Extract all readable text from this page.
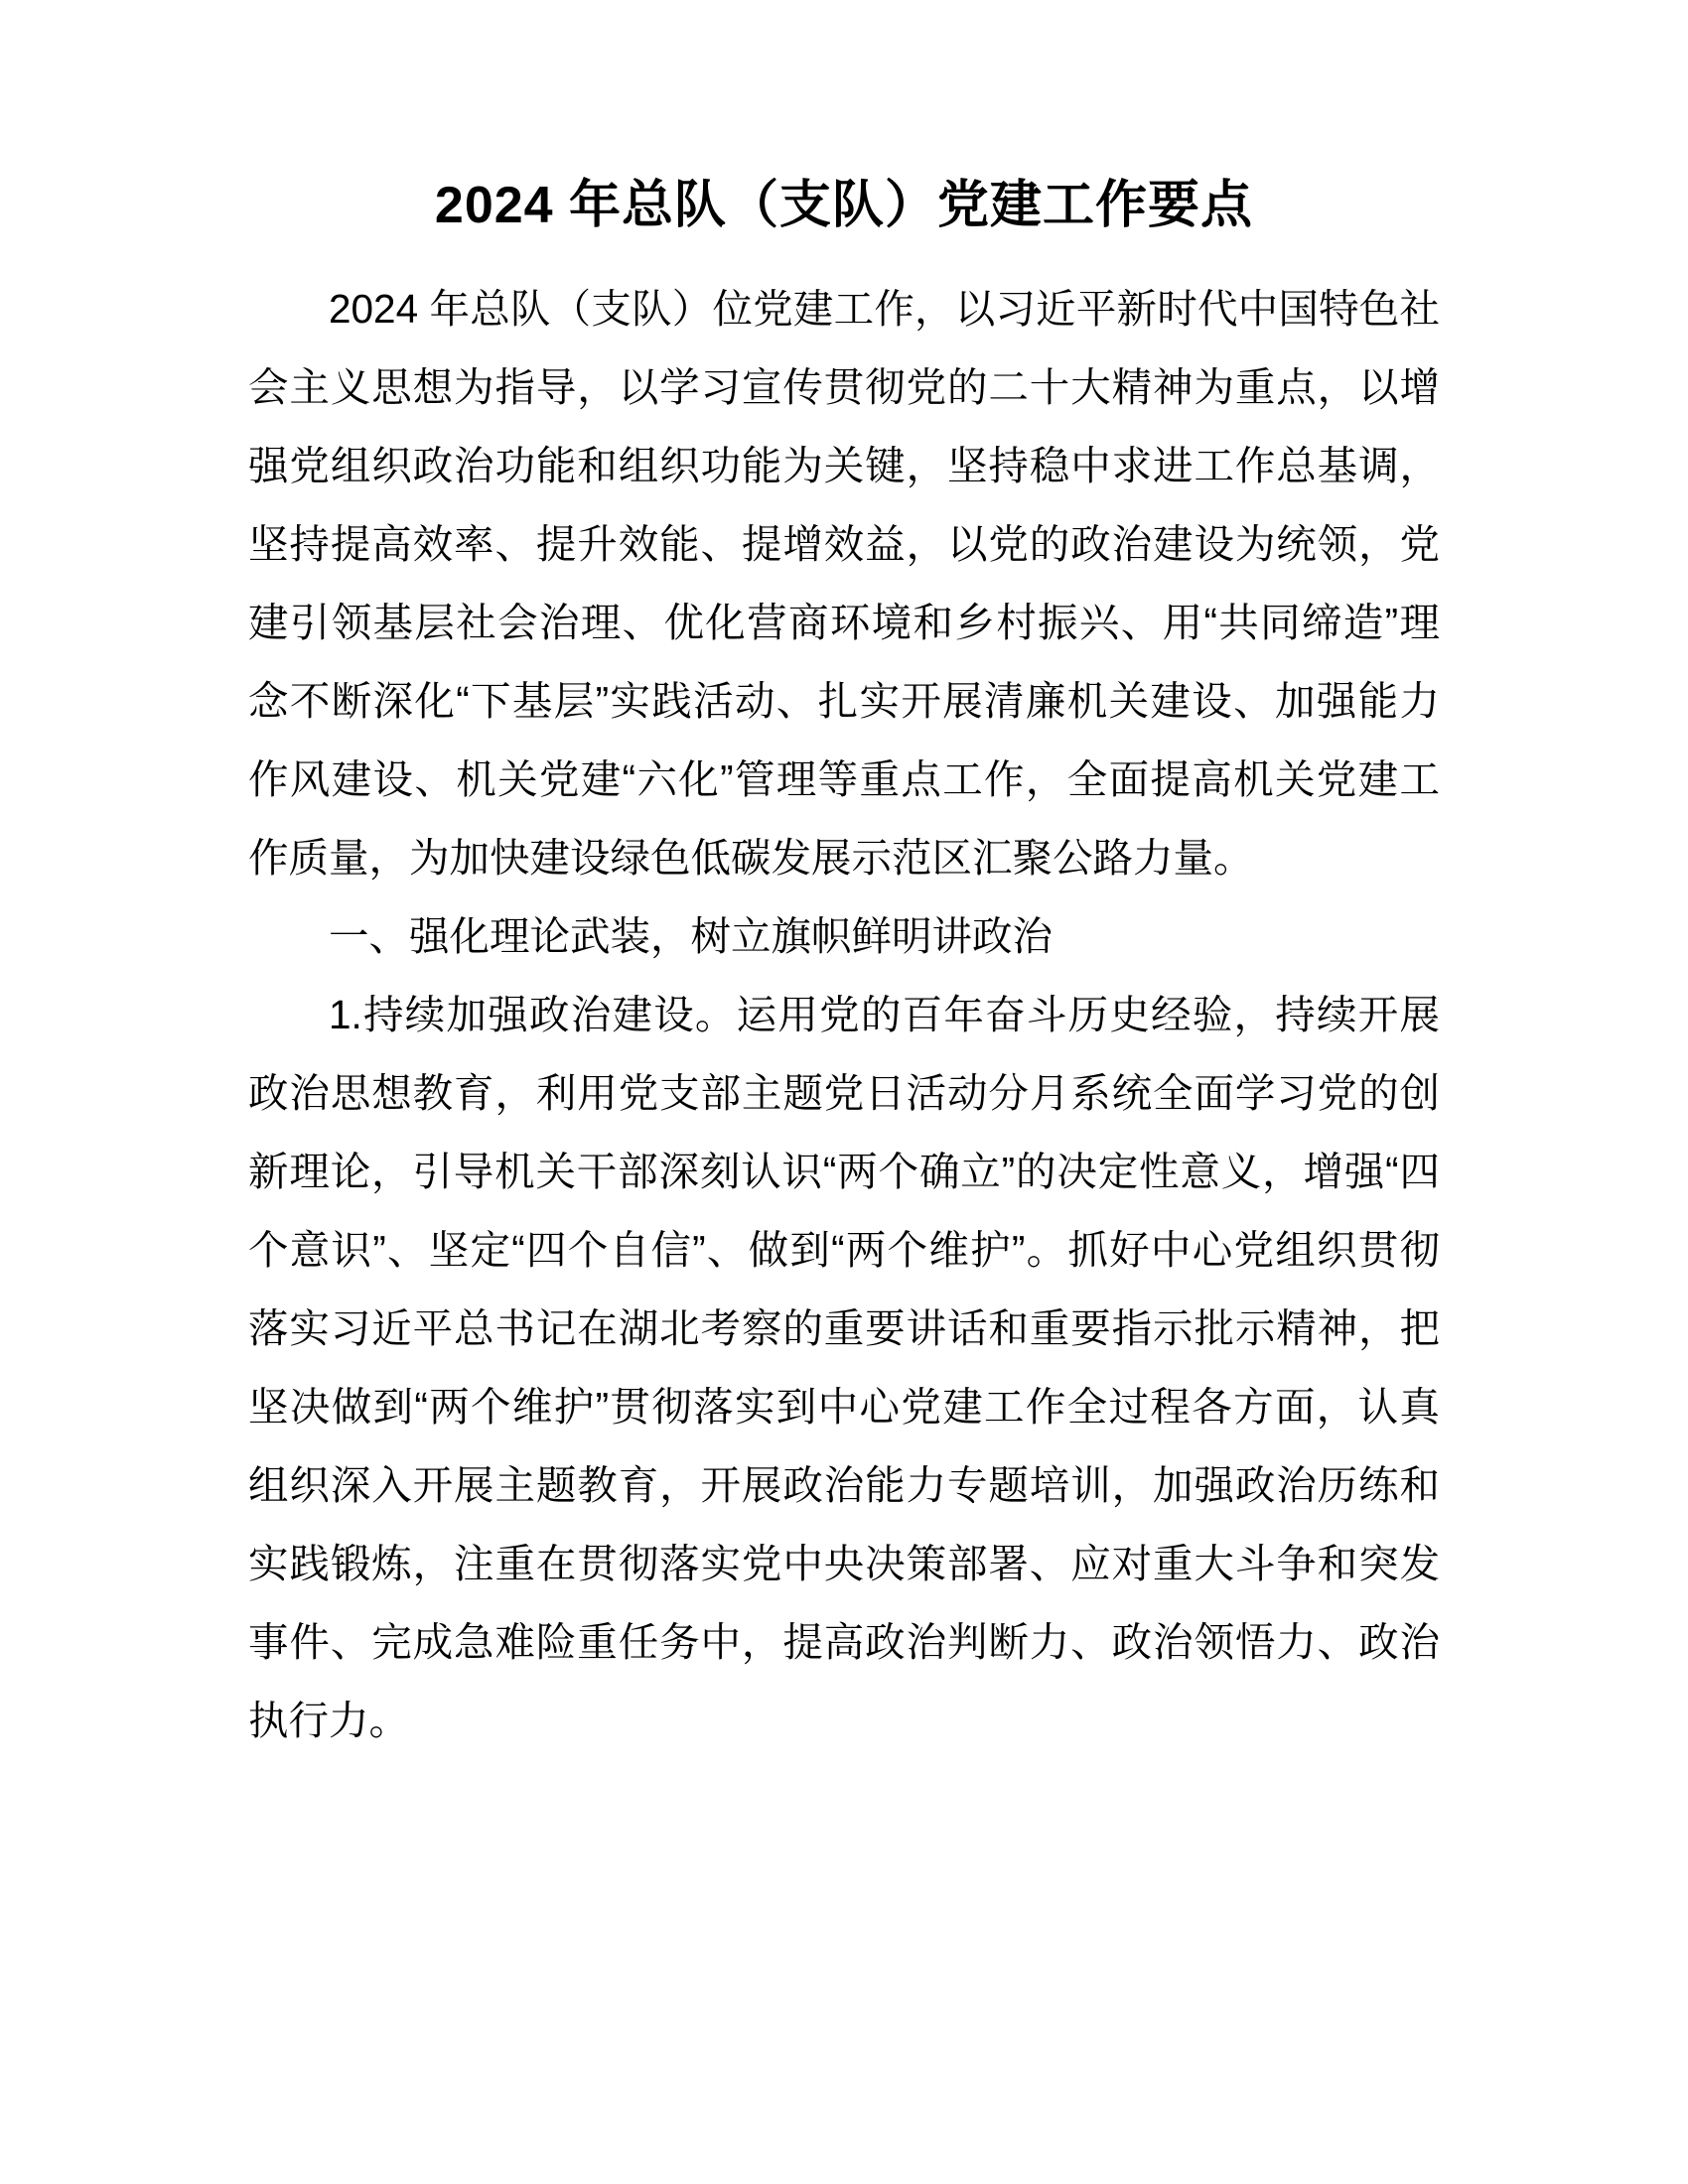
2024 年总队（支队）党建工作要点

2024 年总队（支队）位党建工作，以习近平新时代中国特色社会主义思想为指导，以学习宣传贯彻党的二十大精神为重点，以增强党组织政治功能和组织功能为关键，坚持稳中求进工作总基调，坚持提高效率、提升效能、提增效益，以党的政治建设为统领，党建引领基层社会治理、优化营商环境和乡村振兴、用“共同缔造”理念不断深化“下基层”实践活动、扎实开展清廉机关建设、加强能力作风建设、机关党建“六化”管理等重点工作，全面提高机关党建工作质量，为加快建设绿色低碳发展示范区汇聚公路力量。

一、强化理论武装，树立旗帜鲜明讲政治

1.持续加强政治建设。运用党的百年奋斗历史经验，持续开展政治思想教育，利用党支部主题党日活动分月系统全面学习党的创新理论，引导机关干部深刻认识“两个确立”的决定性意义，增强“四个意识”、坚定“四个自信”、做到“两个维护”。抓好中心党组织贯彻落实习近平总书记在湖北考察的重要讲话和重要指示批示精神，把坚决做到“两个维护”贯彻落实到中心党建工作全过程各方面，认真组织深入开展主题教育，开展政治能力专题培训，加强政治历练和实践锻炼，注重在贯彻落实党中央决策部署、应对重大斗争和突发事件、完成急难险重任务中，提高政治判断力、政治领悟力、政治执行力。
